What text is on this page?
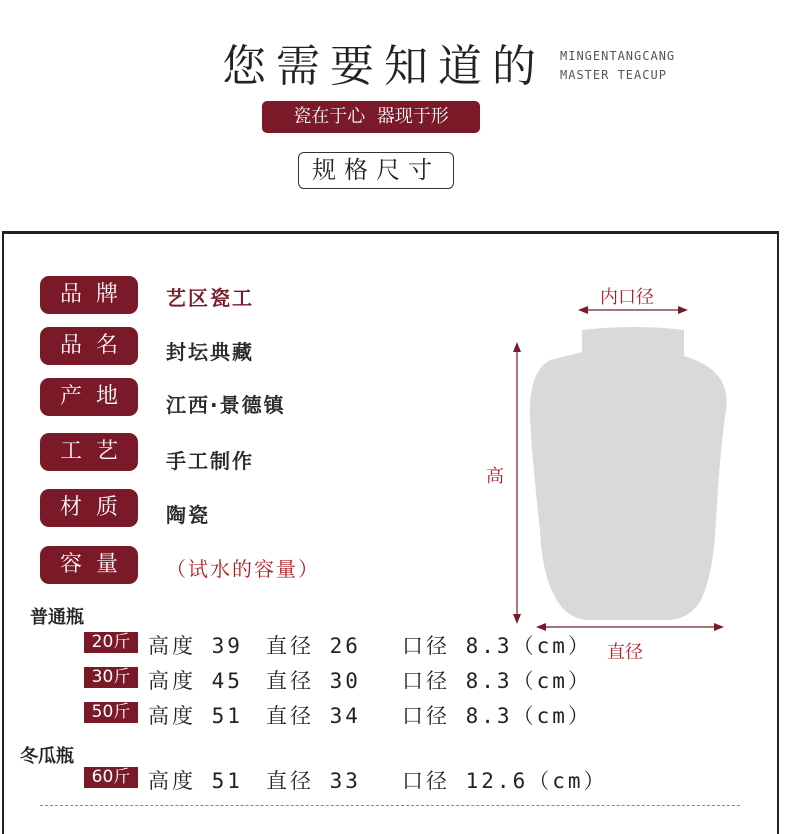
您需要知道的 MINGENTANGCANG
MASTER TEACUP
瓷在于心  器现于形
规格尺寸
品牌	艺区瓷工
品名	封坛典藏
产地	江西·景德镇
工艺	手工制作
材质	陶瓷
容量	（试水的容量）
内口径
高
直径
普通瓶
20斤 高度 39 直径 26 口径 8.3（cm）
30斤 高度 45 直径 30 口径 8.3（cm）
50斤 高度 51 直径 34 口径 8.3（cm）
冬瓜瓶
60斤 高度 51 直径 33 口径 12.6（cm）
